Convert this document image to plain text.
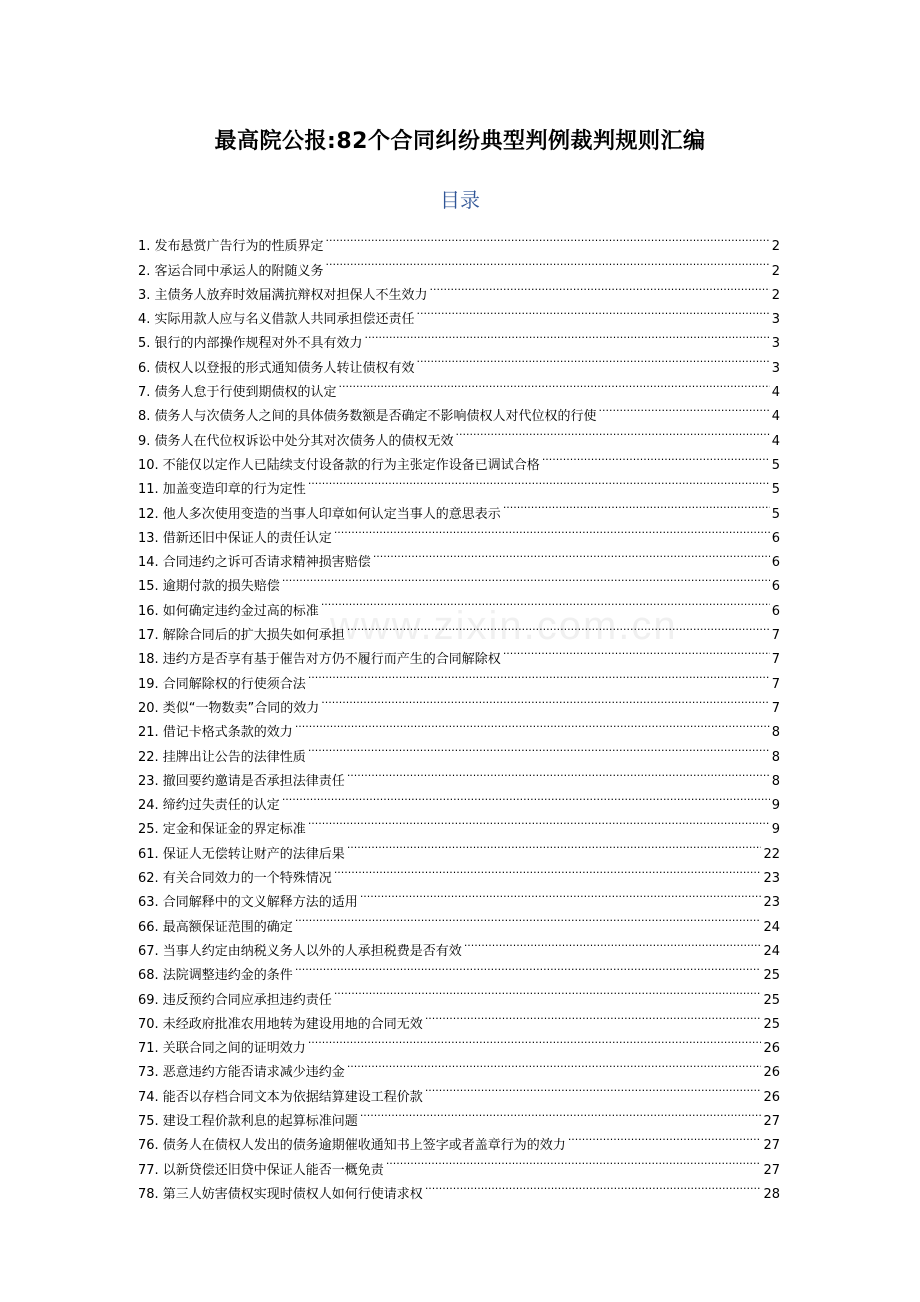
最高院公报:82个合同纠纷典型判例裁判规则汇编
目录
1. 发布悬赏广告行为的性质界定 .....	2
2. 客运合同中承运人的附随义务 .....	2
3. 主债务人放弃时效届满抗辩权对担保人不生效力 .....	2
4. 实际用款人应与名义借款人共同承担偿还责任 .....	3
5. 银行的内部操作规程对外不具有效力 .....	3
6. 债权人以登报的形式通知债务人转让债权有效 .....	3
7. 债务人怠于行使到期债权的认定 .....	4
8. 债务人与次债务人之间的具体债务数额是否确定不影响债权人对代位权的行使 .....	4
9. 债务人在代位权诉讼中处分其对次债务人的债权无效 .....	4
10. 不能仅以定作人已陆续支付设备款的行为主张定作设备已调试合格 .....	5
11. 加盖变造印章的行为定性 .....	5
12. 他人多次使用变造的当事人印章如何认定当事人的意思表示 .....	5
13. 借新还旧中保证人的责任认定 .....	6
14. 合同违约之诉可否请求精神损害赔偿 .....	6
15. 逾期付款的损失赔偿 .....	6
16. 如何确定违约金过高的标准 .....	6
17. 解除合同后的扩大损失如何承担 .....	7
18. 违约方是否享有基于催告对方仍不履行而产生的合同解除权 .....	7
19. 合同解除权的行使须合法 .....	7
20. 类似“一物数卖”合同的效力 .....	7
21. 借记卡格式条款的效力 .....	8
22. 挂牌出让公告的法律性质 .....	8
23. 撤回要约邀请是否承担法律责任 .....	8
24. 缔约过失责任的认定 .....	9
25. 定金和保证金的界定标准 .....	9
61. 保证人无偿转让财产的法律后果 .....	22
62. 有关合同效力的一个特殊情况 .....	23
63. 合同解释中的文义解释方法的适用 .....	23
66. 最高额保证范围的确定 .....	24
67. 当事人约定由纳税义务人以外的人承担税费是否有效 .....	24
68. 法院调整违约金的条件 .....	25
69. 违反预约合同应承担违约责任 .....	25
70. 未经政府批准农用地转为建设用地的合同无效 .....	25
71. 关联合同之间的证明效力 .....	26
73. 恶意违约方能否请求减少违约金 .....	26
74. 能否以存档合同文本为依据结算建设工程价款 .....	26
75. 建设工程价款利息的起算标准问题 .....	27
76. 债务人在债权人发出的债务逾期催收通知书上签字或者盖章行为的效力 .....	27
77. 以新贷偿还旧贷中保证人能否一概免责 .....	27
78. 第三人妨害债权实现时债权人如何行使请求权 .....	28
www.zixin.com.cn
